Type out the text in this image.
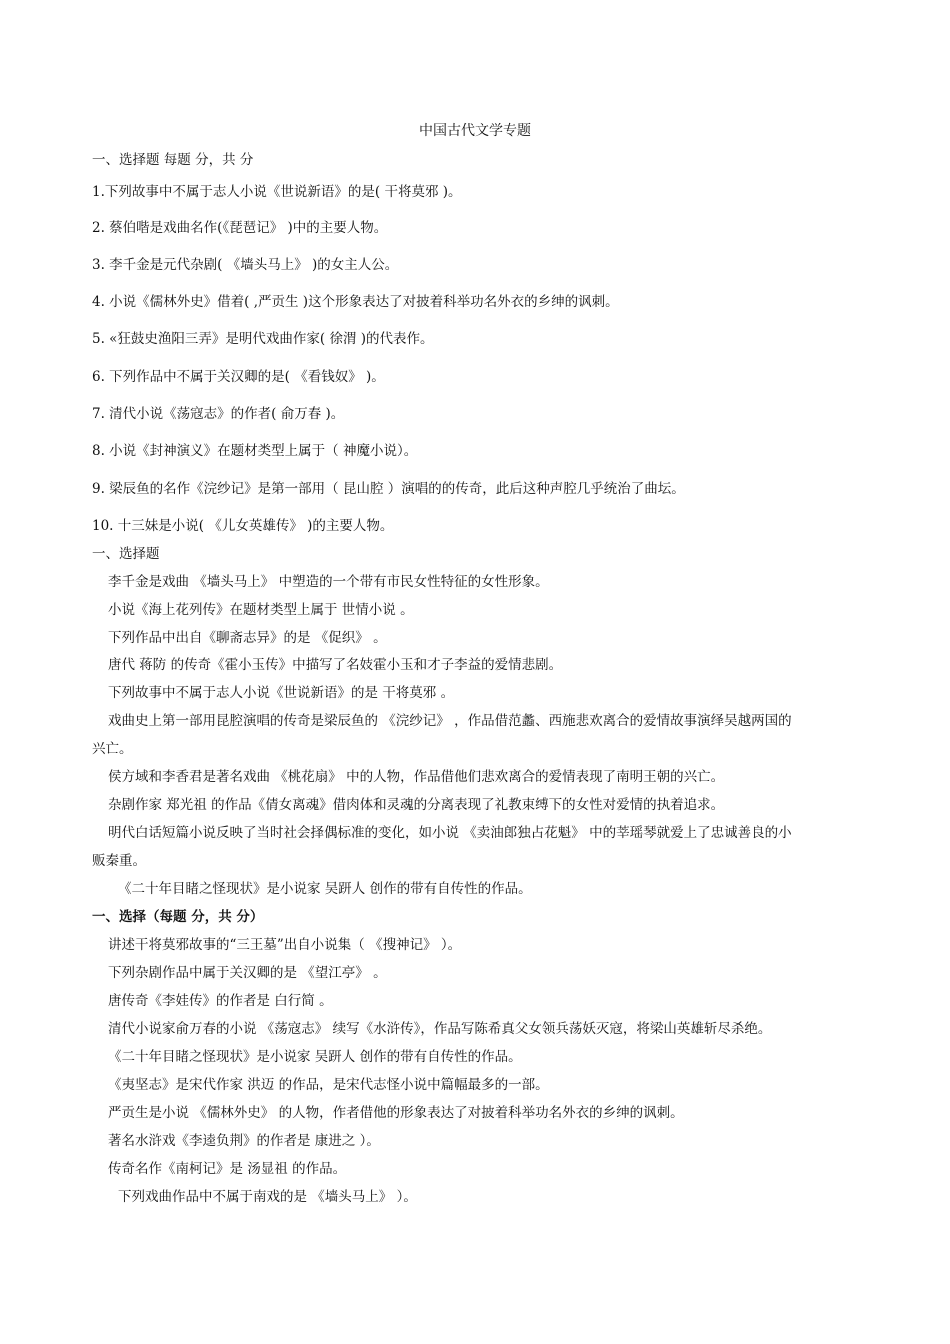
中国古代文学专题
一、选择题 每题 分，共 分
1.下列故事中不属于志人小说《世说新语》的是( 干将莫邪 )。
2. 蔡伯喈是戏曲名作(《琵琶记》 )中的主要人物。
3. 李千金是元代杂剧( 《墙头马上》 )的女主人公。
4. 小说《儒林外史》借着( ,严贡生 )这个形象表达了对披着科举功名外衣的乡绅的讽刺。
5. «狂鼓史渔阳三弄》是明代戏曲作家( 徐渭 )的代表作。
6. 下列作品中不属于关汉卿的是( 《看钱奴》 )。
7. 清代小说《荡寇志》的作者( 俞万春 )。
8. 小说《封神演义》在题材类型上属于（ 神魔小说）。
9. 梁辰鱼的名作《浣纱记》是第一部用（ 昆山腔 ）演唱的的传奇，此后这种声腔几乎统治了曲坛。
10. 十三妹是小说( 《儿女英雄传》 )的主要人物。
一、选择题
李千金是戏曲 《墙头马上》 中塑造的一个带有市民女性特征的女性形象。
小说《海上花列传》在题材类型上属于 世情小说 。
下列作品中出自《聊斋志异》的是 《促织》 。
唐代 蒋防 的传奇《霍小玉传》中描写了名妓霍小玉和才子李益的爱情悲剧。
下列故事中不属于志人小说《世说新语》的是 干将莫邪 。
戏曲史上第一部用昆腔演唱的传奇是梁辰鱼的 《浣纱记》 ，作品借范蠡、西施悲欢离合的爱情故事演绎吴越两国的
兴亡。
侯方域和李香君是著名戏曲 《桃花扇》 中的人物，作品借他们悲欢离合的爱情表现了南明王朝的兴亡。
杂剧作家 郑光祖 的作品《倩女离魂》借肉体和灵魂的分离表现了礼教束缚下的女性对爱情的执着追求。
明代白话短篇小说反映了当时社会择偶标准的变化，如小说 《卖油郎独占花魁》 中的莘瑶琴就爱上了忠诚善良的小
贩秦重。
《二十年目睹之怪现状》是小说家 吴趼人 创作的带有自传性的作品。
一、选择（每题 分，共 分）
讲述干将莫邪故事的“三王墓”出自小说集（ 《搜神记》 ）。
下列杂剧作品中属于关汉卿的是 《望江亭》 。
唐传奇《李娃传》的作者是 白行简 。
清代小说家俞万春的小说 《荡寇志》 续写《水浒传》，作品写陈希真父女领兵荡妖灭寇，将梁山英雄斩尽杀绝。
《二十年目睹之怪现状》是小说家 吴趼人 创作的带有自传性的作品。
《夷坚志》是宋代作家 洪迈 的作品，是宋代志怪小说中篇幅最多的一部。
严贡生是小说 《儒林外史》 的人物，作者借他的形象表达了对披着科举功名外衣的乡绅的讽刺。
著名水浒戏《李逵负荆》的作者是 康进之 ）。
传奇名作《南柯记》是 汤显祖 的作品。
下列戏曲作品中不属于南戏的是 《墙头马上》 ）。
